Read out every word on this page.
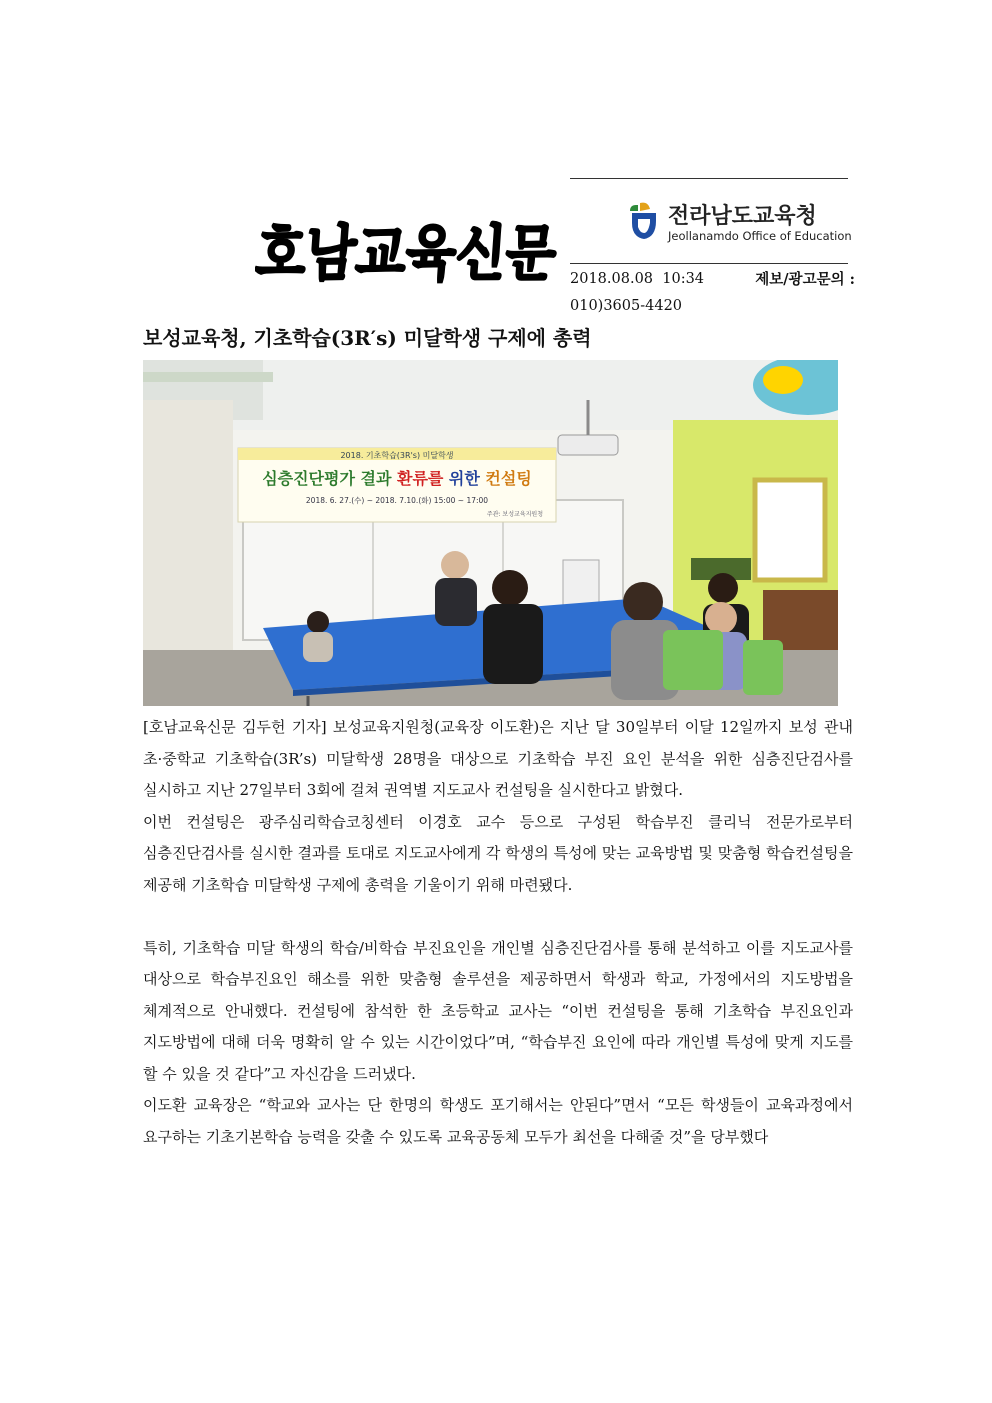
호남교육신문
전라남도교육청
Jeollanamdo Office of Education
2018.08.08 10:34	제보/광고문의 :
010)3605-4420
보성교육청, 기초학습(3R′s) 미달학생 구제에 총력
2018. 기초학습(3R's) 미달학생
심층진단평가 결과 환류를 위한 컨설팅
2018. 6. 27.(수) ~ 2018. 7.10.(화) 15:00 ~ 17:00
주관: 보성교육지원청

[호남교육신문 김두헌 기자] 보성교육지원청(교육장 이도환)은 지난 달 30일부터 이달 12일까지 보성 관내 초·중학교 기초학습(3R’s) 미달학생 28명을 대상으로 기초학습 부진 요인 분석을 위한 심층진단검사를 실시하고 지난 27일부터 3회에 걸쳐 권역별 지도교사 컨설팅을 실시한다고 밝혔다.

이번 컨설팅은 광주심리학습코칭센터 이경호 교수 등으로 구성된 학습부진 클리닉 전문가로부터 심층진단검사를 실시한 결과를 토대로 지도교사에게 각 학생의 특성에 맞는 교육방법 및 맞춤형 학습컨설팅을 제공해 기초학습 미달학생 구제에 총력을 기울이기 위해 마련됐다.

특히, 기초학습 미달 학생의 학습/비학습 부진요인을 개인별 심층진단검사를 통해 분석하고 이를 지도교사를 대상으로 학습부진요인 해소를 위한 맞춤형 솔루션을 제공하면서 학생과 학교, 가정에서의 지도방법을 체계적으로 안내했다. 컨설팅에 참석한 한 초등학교 교사는 “이번 컨설팅을 통해 기초학습 부진요인과 지도방법에 대해 더욱 명확히 알 수 있는 시간이었다”며, “학습부진 요인에 따라 개인별 특성에 맞게 지도를 할 수 있을 것 같다”고 자신감을 드러냈다.

이도환 교육장은 “학교와 교사는 단 한명의 학생도 포기해서는 안된다”면서 “모든 학생들이 교육과정에서 요구하는 기초기본학습 능력을 갖출 수 있도록 교육공동체 모두가 최선을 다해줄 것”을 당부했다
